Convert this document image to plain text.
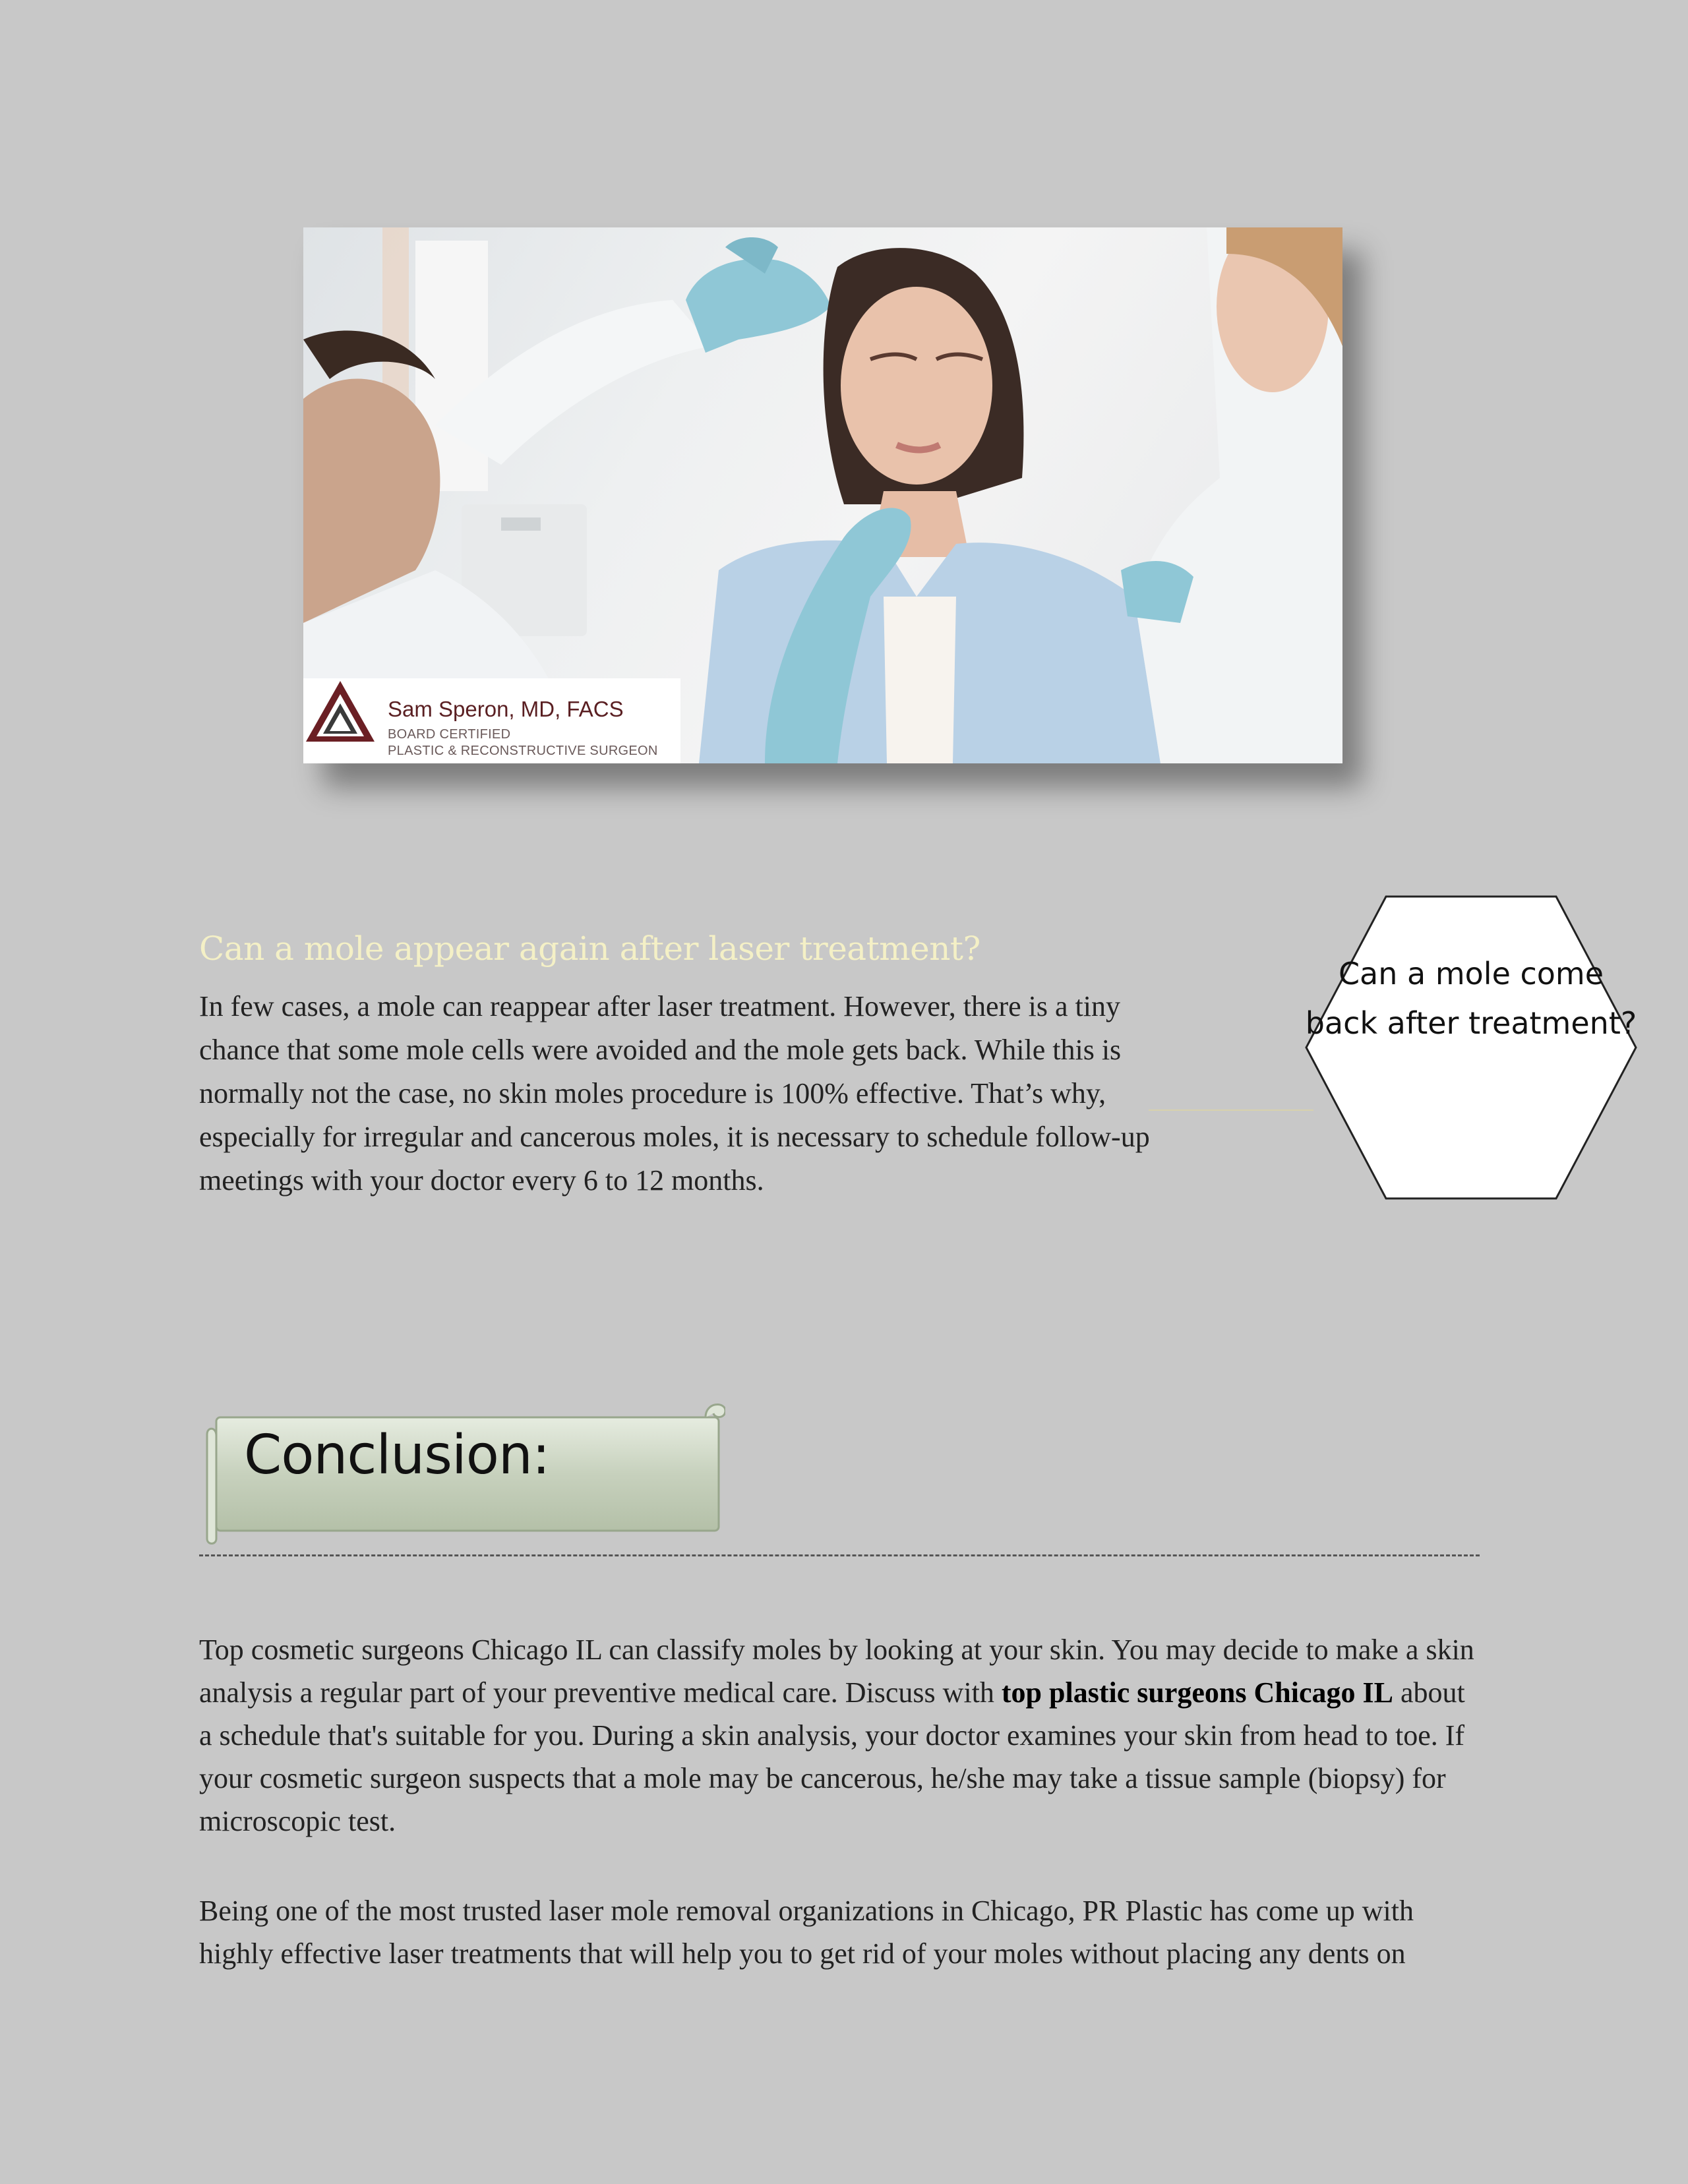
Sam Speron, MD, FACS
BOARD CERTIFIED
PLASTIC & RECONSTRUCTIVE SURGEON
Can a mole appear again after laser treatment?
In few cases, a mole can reappear after laser treatment. However, there is a tiny chance that some mole cells were avoided and the mole gets back. While this is normally not the case, no skin moles procedure is 100% effective. That’s why, especially for irregular and cancerous moles, it is necessary to schedule follow-up meetings with your doctor every 6 to 12 months.
Can a mole come back after treatment?
Conclusion:
Top cosmetic surgeons Chicago IL can classify moles by looking at your skin. You may decide to make a skin analysis a regular part of your preventive medical care. Discuss with top plastic surgeons Chicago IL about a schedule that's suitable for you. During a skin analysis, your doctor examines your skin from head to toe. If your cosmetic surgeon suspects that a mole may be cancerous, he/she may take a tissue sample (biopsy) for microscopic test.
Being one of the most trusted laser mole removal organizations in Chicago, PR Plastic has come up with highly effective laser treatments that will help you to get rid of your moles without placing any dents on
